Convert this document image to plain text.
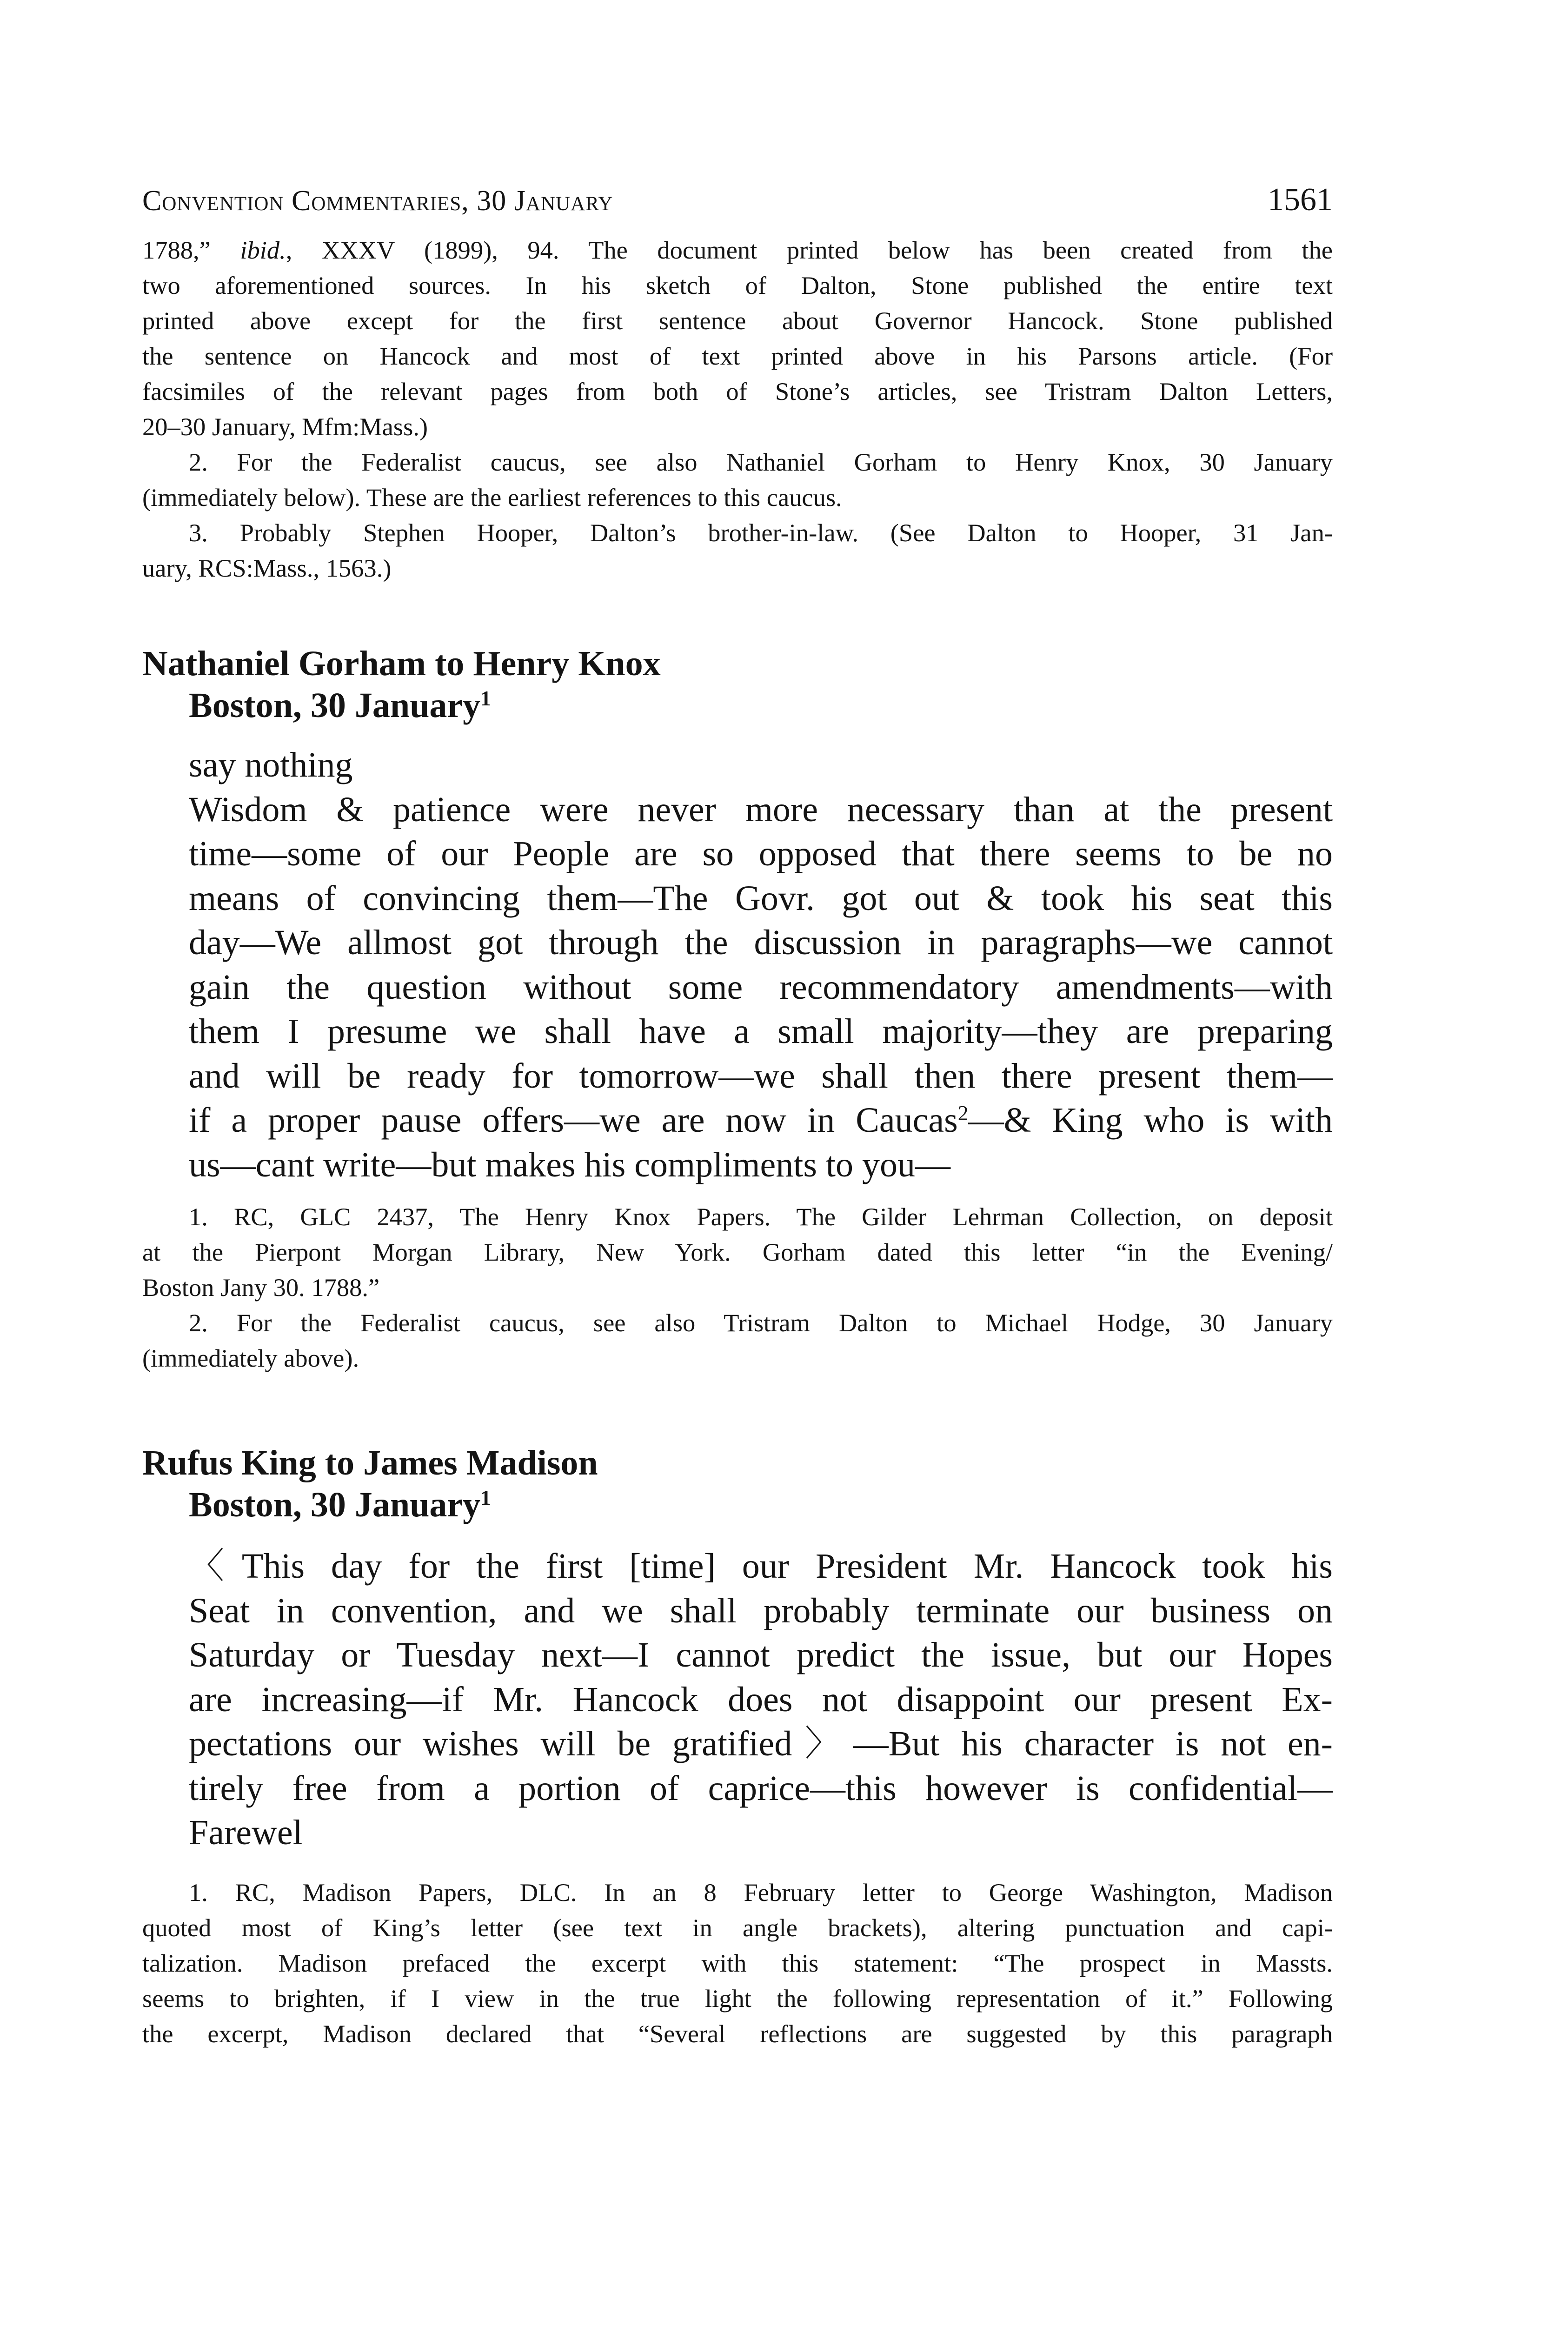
Convention Commentaries, 30 January	1561
1788,” ibid., XXXV (1899), 94. The document printed below has been created from the
two aforementioned sources. In his sketch of Dalton, Stone published the entire text
printed above except for the first sentence about Governor Hancock. Stone published
the sentence on Hancock and most of text printed above in his Parsons article. (For
facsimiles of the relevant pages from both of Stone’s articles, see Tristram Dalton Letters,
20–30 January, Mfm:Mass.)
2. For the Federalist caucus, see also Nathaniel Gorham to Henry Knox, 30 January
(immediately below). These are the earliest references to this caucus.
3. Probably Stephen Hooper, Dalton’s brother-in-law. (See Dalton to Hooper, 31 Jan-
uary, RCS:Mass., 1563.)
Nathaniel Gorham to Henry Knox
Boston, 30 January$^1$
say nothing
Wisdom & patience were never more necessary than at the present
time—some of our People are so opposed that there seems to be no
means of convincing them—The Govr. got out & took his seat this
day—We allmost got through the discussion in paragraphs—we cannot
gain the question without some recommendatory amendments—with
them I presume we shall have a small majority—they are preparing
and will be ready for tomorrow—we shall then there present them—
if a proper pause offers—we are now in Caucas$^2$—& King who is with
us—cant write—but makes his compliments to you—
1. RC, GLC 2437, The Henry Knox Papers. The Gilder Lehrman Collection, on deposit
at the Pierpont Morgan Library, New York. Gorham dated this letter “in the Evening/
Boston Jany 30. 1788.”
2. For the Federalist caucus, see also Tristram Dalton to Michael Hodge, 30 January
(immediately above).
Rufus King to James Madison
Boston, 30 January$^1$
〈This day for the first [time] our President Mr. Hancock took his
Seat in convention, and we shall probably terminate our business on
Saturday or Tuesday next—I cannot predict the issue, but our Hopes
are increasing—if Mr. Hancock does not disappoint our present Ex-
pectations our wishes will be gratified〉—But his character is not en-
tirely free from a portion of caprice—this however is confidential—
Farewel
1. RC, Madison Papers, DLC. In an 8 February letter to George Washington, Madison
quoted most of King’s letter (see text in angle brackets), altering punctuation and capi-
talization. Madison prefaced the excerpt with this statement: “The prospect in Massts.
seems to brighten, if I view in the true light the following representation of it.” Following
the excerpt, Madison declared that “Several reflections are suggested by this paragraph
